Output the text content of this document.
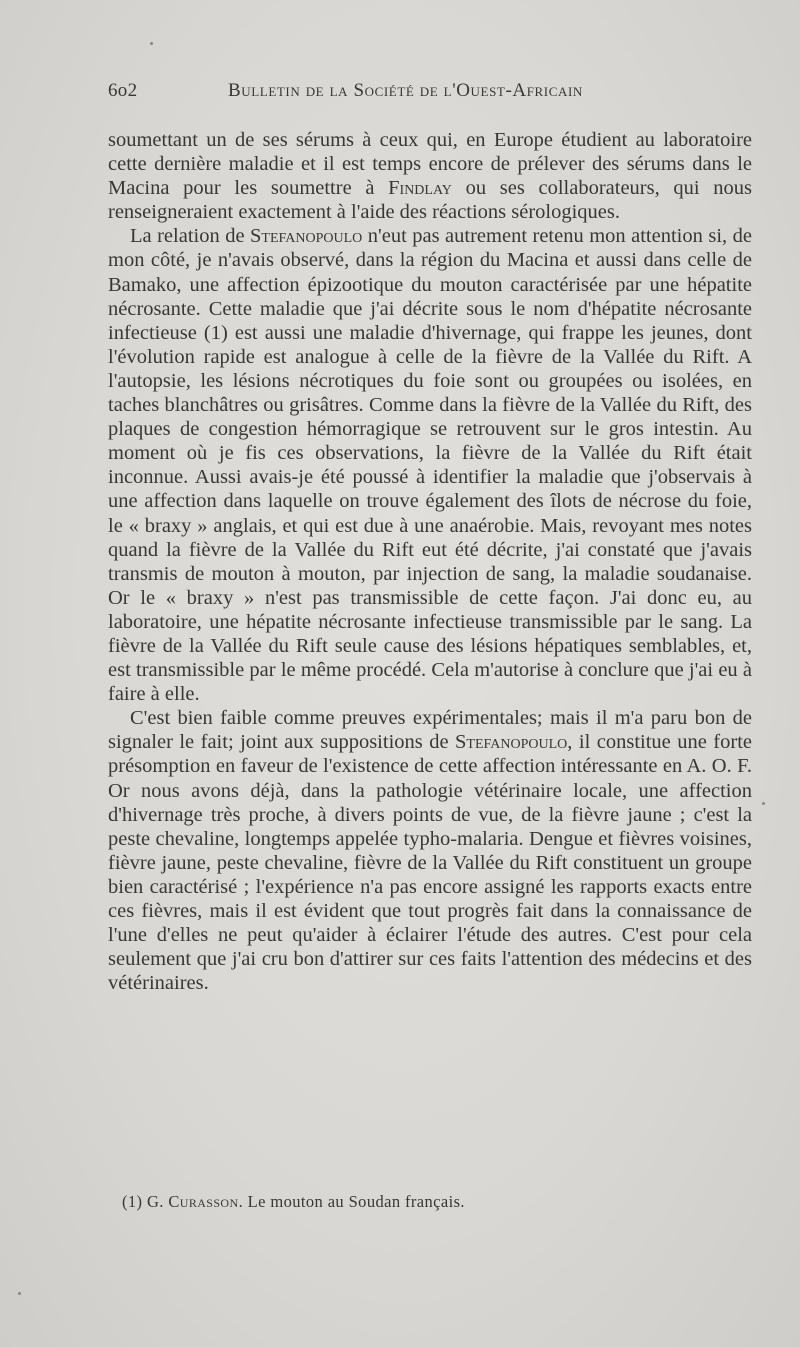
6o2	Bulletin de la Société de l'Ouest-Africain

soumettant un de ses sérums à ceux qui, en Europe étudient au laboratoire cette dernière maladie et il est temps encore de prélever des sérums dans le Macina pour les soumettre à Findlay ou ses collaborateurs, qui nous renseigneraient exactement à l'aide des réactions sérologiques.

La relation de Stefanopoulo n'eut pas autrement retenu mon attention si, de mon côté, je n'avais observé, dans la région du Macina et aussi dans celle de Bamako, une affection épizootique du mouton caractérisée par une hépatite nécrosante. Cette maladie que j'ai décrite sous le nom d'hépatite nécrosante infectieuse (1) est aussi une maladie d'hivernage, qui frappe les jeunes, dont l'évolution rapide est analogue à celle de la fièvre de la Vallée du Rift. A l'autopsie, les lésions nécrotiques du foie sont ou groupées ou isolées, en taches blanchâtres ou grisâtres. Comme dans la fièvre de la Vallée du Rift, des plaques de congestion hémorragique se retrouvent sur le gros intestin. Au moment où je fis ces observations, la fièvre de la Vallée du Rift était inconnue. Aussi avais-je été poussé à identifier la maladie que j'observais à une affection dans laquelle on trouve également des îlots de nécrose du foie, le « braxy » anglais, et qui est due à une anaérobie. Mais, revoyant mes notes quand la fièvre de la Vallée du Rift eut été décrite, j'ai constaté que j'avais transmis de mouton à mouton, par injection de sang, la maladie soudanaise. Or le « braxy » n'est pas transmissible de cette façon. J'ai donc eu, au laboratoire, une hépatite nécrosante infectieuse transmissible par le sang. La fièvre de la Vallée du Rift seule cause des lésions hépatiques semblables, et, est transmissible par le même procédé. Cela m'autorise à conclure que j'ai eu à faire à elle.

C'est bien faible comme preuves expérimentales; mais il m'a paru bon de signaler le fait; joint aux suppositions de Stefanopoulo, il constitue une forte présomption en faveur de l'existence de cette affection intéressante en A. O. F. Or nous avons déjà, dans la pathologie vétérinaire locale, une affection d'hivernage très proche, à divers points de vue, de la fièvre jaune ; c'est la peste chevaline, longtemps appelée typho-malaria. Dengue et fièvres voisines, fièvre jaune, peste chevaline, fièvre de la Vallée du Rift constituent un groupe bien caractérisé ; l'expérience n'a pas encore assigné les rapports exacts entre ces fièvres, mais il est évident que tout progrès fait dans la connaissance de l'une d'elles ne peut qu'aider à éclairer l'étude des autres. C'est pour cela seulement que j'ai cru bon d'attirer sur ces faits l'attention des médecins et des vétérinaires.

(1) G. Curasson. Le mouton au Soudan français.
